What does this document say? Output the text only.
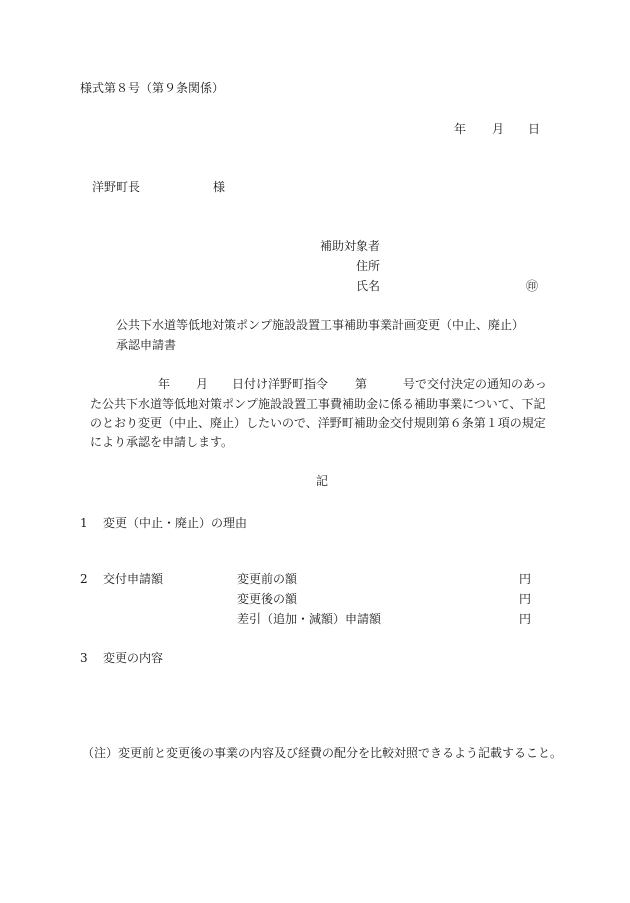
様式第８号（第９条関係）
年 月 日
洋野町長	様
補助対象者
住所
氏名	㊞
公共下水道等低地対策ポンプ施設設置工事補助事業計画変更（中止、廃止）
承認申請書
年 月 日付け洋野町指令 第	号で交付決定の通知のあっ
た公共下水道等低地対策ポンプ施設設置工事費補助金に係る補助事業について、下記
のとおり変更（中止、廃止）したいので、洋野町補助金交付規則第６条第１項の規定
により承認を申請します。
記
1 変更（中止・廃止）の理由
2 交付申請額	変更前の額	円
変更後の額	円
差引（追加・減額）申請額	円
3 変更の内容
（注）変更前と変更後の事業の内容及び経費の配分を比較対照できるよう記載すること。
